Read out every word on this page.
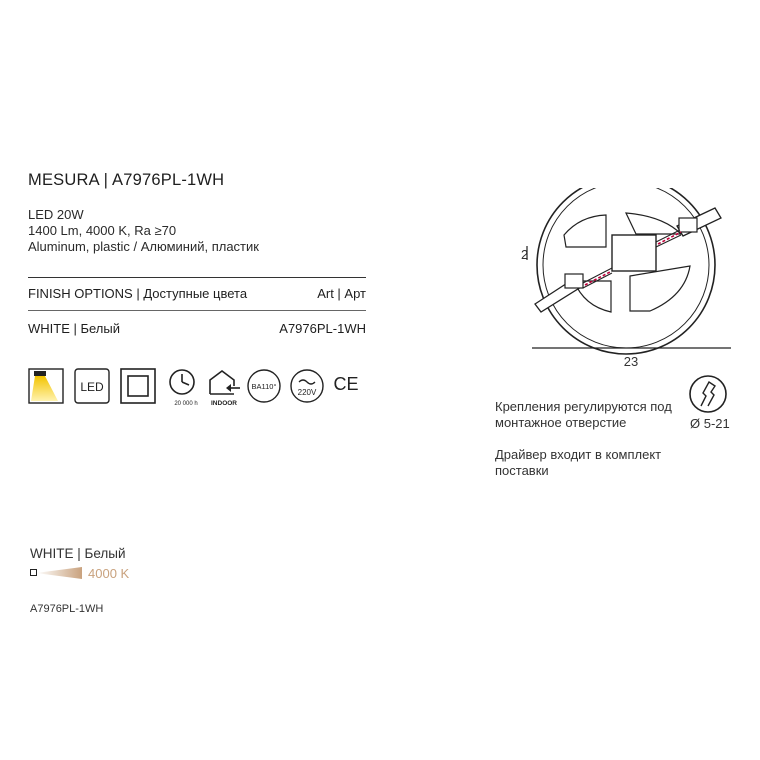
MESURA | A7976PL-1WH
LED 20W
1400 Lm, 4000 K, Ra ≥70
Aluminum, plastic / Алюминий, пластик
FINISH OPTIONS | Доступные цвета	Art | Арт
WHITE | Белый	A7976PL-1WH
LED
20 000 h INDOOR
BA110°
220V CE
2
23
Крепления регулируются под монтажное отверстие
Драйвер входит в комплект поставки
Ø 5-21
WHITE | Белый
4000 K
A7976PL-1WH
